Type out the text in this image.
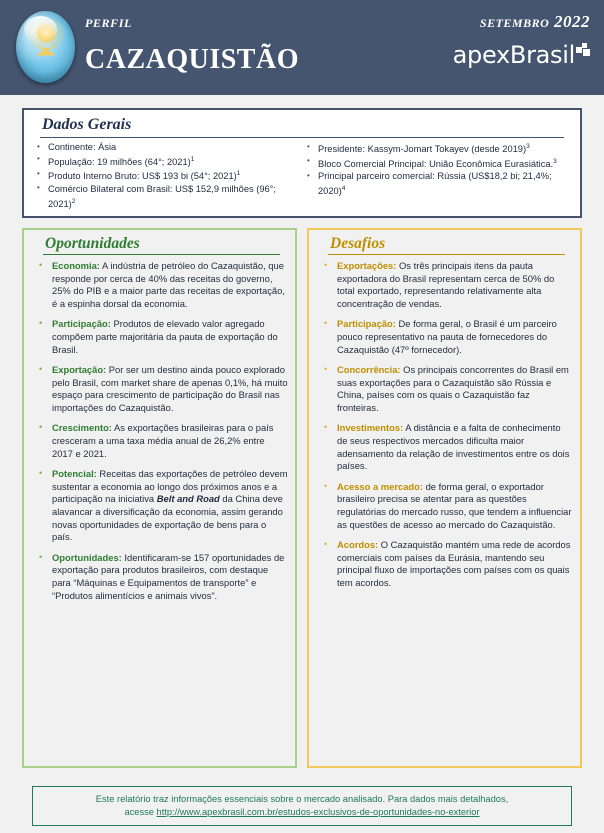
perfil
cazaquistão
setembro 2022
apexBrasil
Dados Gerais
• Continente: Ásia
• População: 19 milhões (64°; 2021)$^1$
• Produto Interno Bruto: US$ 193 bi (54°; 2021)$^1$
• Comércio Bilateral com Brasil: US$ 152,9 milhões (96°; 2021)$^2$
• Presidente: Kassym-Jomart Tokayev (desde 2019)$^3$
• Bloco Comercial Principal: União Econômica Eurasiática.$^3$
• Principal parceiro comercial: Rússia (US$18,2 bi; 21,4%; 2020)$^4$
Oportunidades
• Economia: A indústria de petróleo do Cazaquistão, que responde por cerca de 40% das receitas do governo, 25% do PIB e a maior parte das receitas de exportação, é a espinha dorsal da economia.
• Participação: Produtos de elevado valor agregado compõem parte majoritária da pauta de exportação do Brasil.
• Exportação: Por ser um destino ainda pouco explorado pelo Brasil, com market share de apenas 0,1%, há muito espaço para crescimento de participação do Brasil nas importações do Cazaquistão.
• Crescimento: As exportações brasileiras para o país cresceram a uma taxa média anual de 26,2% entre 2017 e 2021.
• Potencial: Receitas das exportações de petróleo devem sustentar a economia ao longo dos próximos anos e a participação na iniciativa Belt and Road da China deve alavancar a diversificação da economia, assim gerando novas oportunidades de exportação de bens para o país.
• Oportunidades: Identificaram-se 157 oportunidades de exportação para produtos brasileiros, com destaque para “Máquinas e Equipamentos de transporte” e “Produtos alimentícios e animais vivos”.
Desafios
• Exportações: Os três principais itens da pauta exportadora do Brasil representam cerca de 50% do total exportado, representando relativamente alta concentração de vendas.
• Participação: De forma geral, o Brasil é um parceiro pouco representativo na pauta de fornecedores do Cazaquistão (47º fornecedor).
• Concorrência: Os principais concorrentes do Brasil em suas exportações para o Cazaquistão são Rússia e China, países com os quais o Cazaquistão faz fronteiras.
• Investimentos: A distância e a falta de conhecimento de seus respectivos mercados dificulta maior adensamento da relação de investimentos entre os dois países.
• Acesso a mercado: de forma geral, o exportador brasileiro precisa se atentar para as questões regulatórias do mercado russo, que tendem a influenciar as questões de acesso ao mercado do Cazaquistão.
• Acordos: O Cazaquistão mantém uma rede de acordos comerciais com países da Eurásia, mantendo seu principal fluxo de importações com países com os quais tem acordos.
Este relatório traz informações essenciais sobre o mercado analisado. Para dados mais detalhados,
acesse http://www.apexbrasil.com.br/estudos-exclusivos-de-oportunidades-no-exterior
